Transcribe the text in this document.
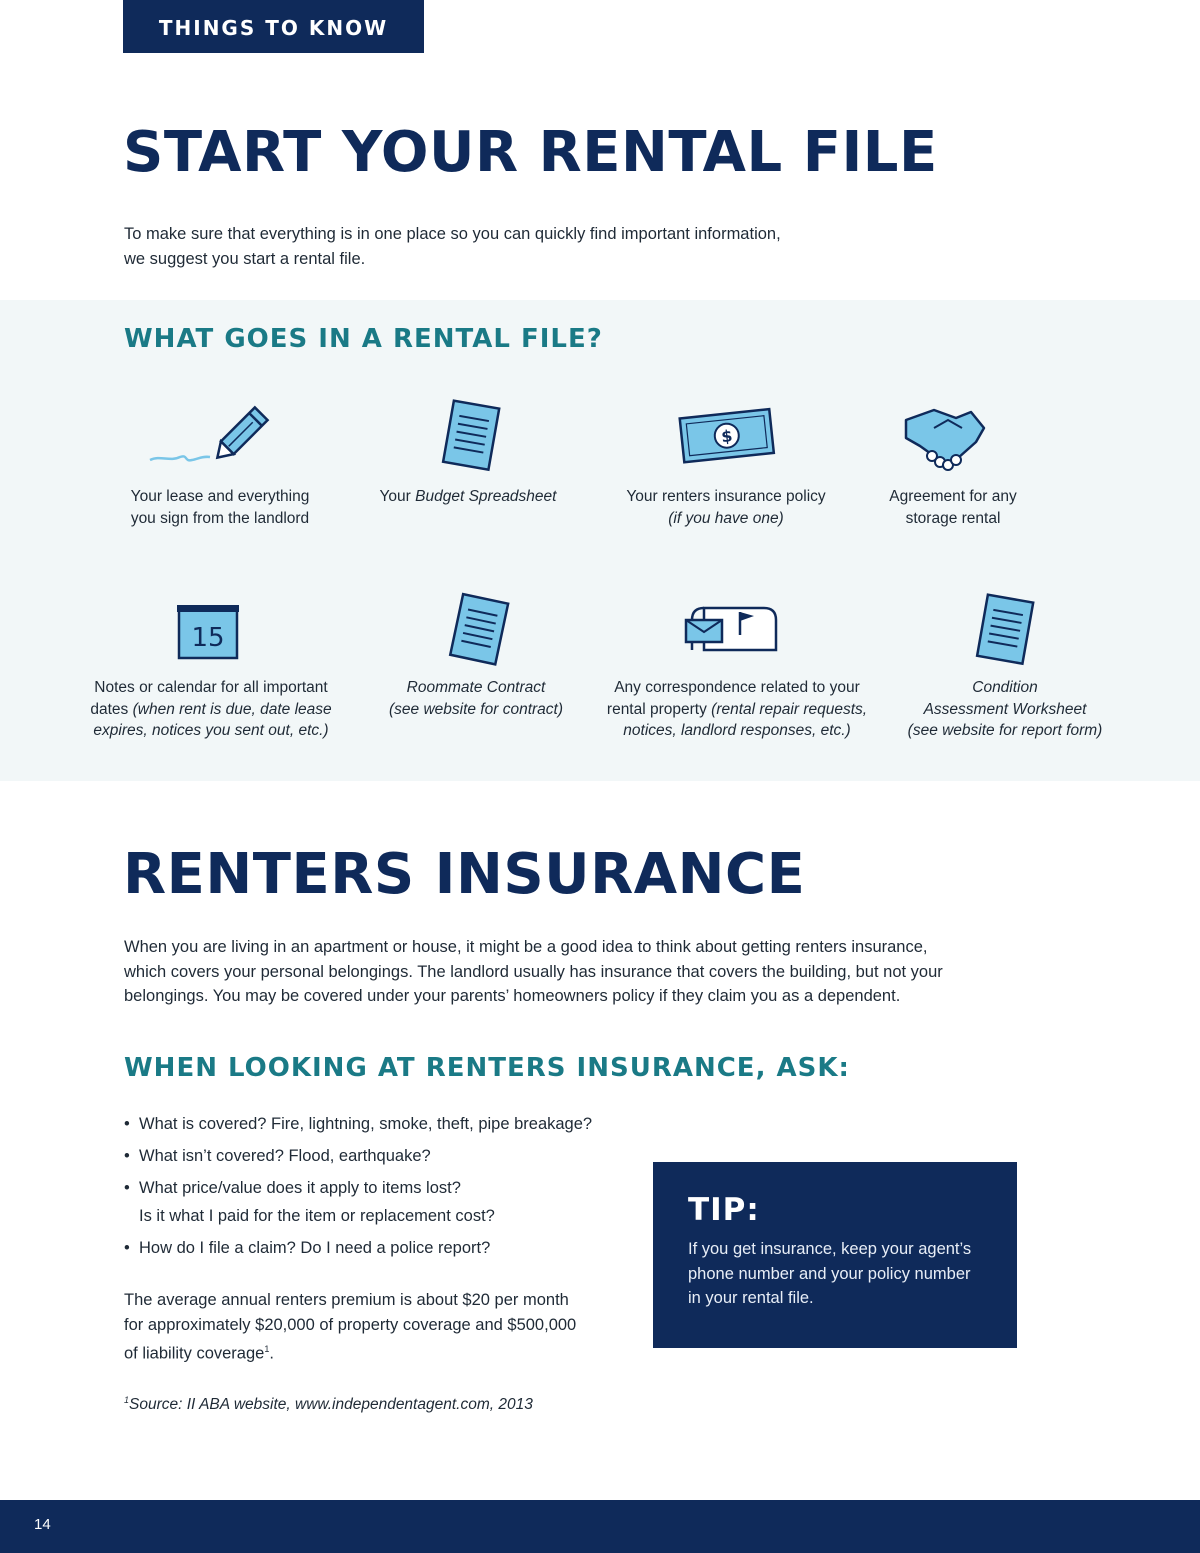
THINGS TO KNOW
START YOUR RENTAL FILE
To make sure that everything is in one place so you can quickly find important information,
we suggest you start a rental file.
WHAT GOES IN A RENTAL FILE?
$
Your lease and everything
you sign from the landlord
Your Budget Spreadsheet	Your renters insurance policy
(if you have one)
Agreement for any
storage rental
15
Notes or calendar for all important
dates (when rent is due, date lease
expires, notices you sent out, etc.)
Roommate Contract
(see website for contract)
Any correspondence related to your
rental property (rental repair requests,
notices, landlord responses, etc.)
Condition
Assessment Worksheet
(see website for report form)
RENTERS INSURANCE
When you are living in an apartment or house, it might be a good idea to think about getting renters insurance,
which covers your personal belongings. The landlord usually has insurance that covers the building, but not your
belongings. You may be covered under your parents’ homeowners policy if they claim you as a dependent.
WHEN LOOKING AT RENTERS INSURANCE, ASK:
• What is covered? Fire, lightning, smoke, theft, pipe breakage?
• What isn’t covered? Flood, earthquake?
• What price/value does it apply to items lost?
Is it what I paid for the item or replacement cost?
• How do I file a claim? Do I need a police report?
The average annual renters premium is about $20 per month
for approximately $20,000 of property coverage and $500,000
of liability coverage$^1$.
TIP:
If you get insurance, keep your agent’s
phone number and your policy number
in your rental file.
$^1$Source: II ABA website, www.independentagent.com, 2013
14
